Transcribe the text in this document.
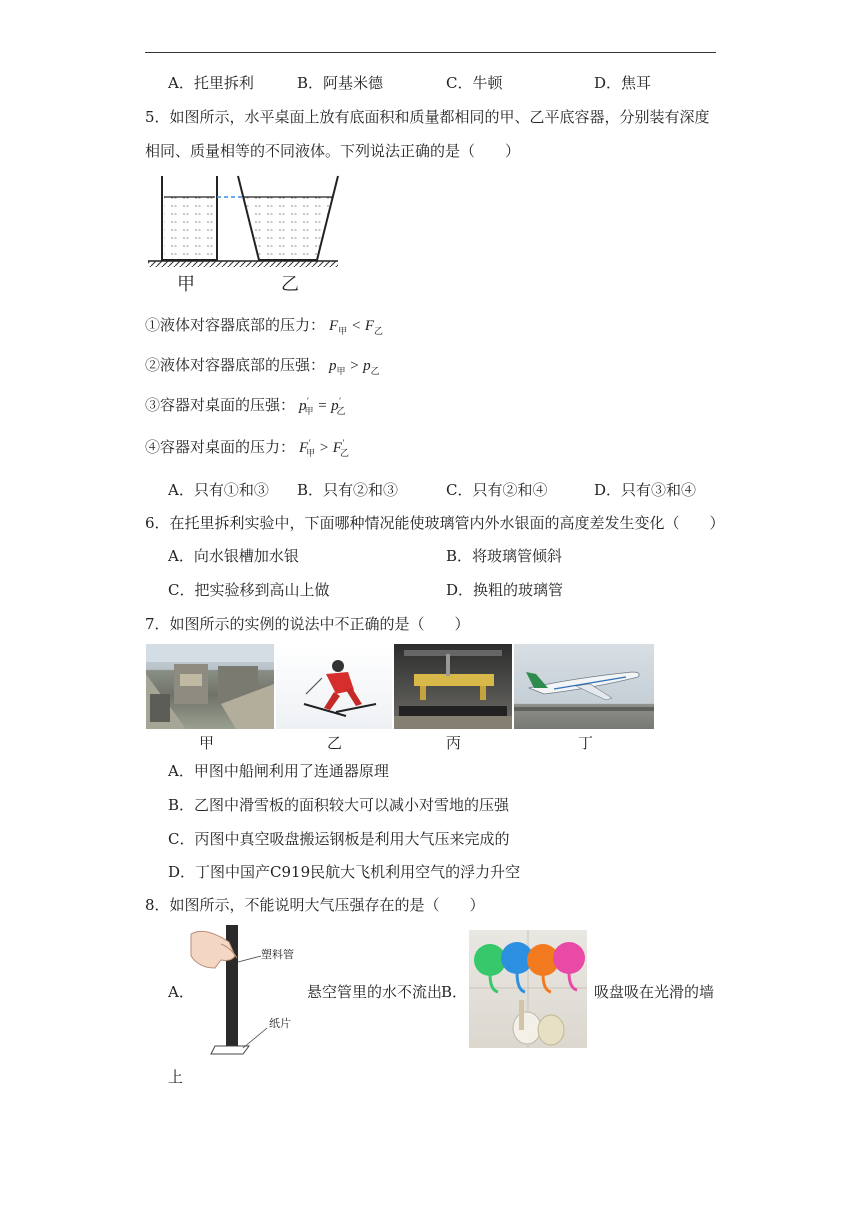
A．托里拆利	B．阿基米德	C．牛顿	D．焦耳
5．如图所示，水平桌面上放有底面积和质量都相同的甲、乙平底容器，分别装有深度
相同、质量相等的不同液体。下列说法正确的是（　　）
甲	乙
①液体对容器底部的压力： $F_甲 < F_乙$
②液体对容器底部的压强： $p_甲 > p_乙$
③容器对桌面的压强： $p'_甲 = p'_乙$
④容器对桌面的压力： $F'_甲 > F'_乙$
A．只有①和③ B．只有②和③	C．只有②和④	D．只有③和④
6．在托里拆利实验中，下面哪种情况能使玻璃管内外水银面的高度差发生变化（　　）
A．向水银槽加水银	B．将玻璃管倾斜
C．把实验移到高山上做	D．换粗的玻璃管
7．如图所示的实例的说法中不正确的是（　　）
甲	乙	丙	丁
A．甲图中船闸利用了连通器原理
B．乙图中滑雪板的面积较大可以减小对雪地的压强
C．丙图中真空吸盘搬运钢板是利用大气压来完成的
D．丁图中国产C919民航大飞机利用空气的浮力升空
8．如图所示，不能说明大气压强存在的是（　　）
A．
塑料管
纸片
悬空管里的水不流出
B．	吸盘吸在光滑的墙
上
